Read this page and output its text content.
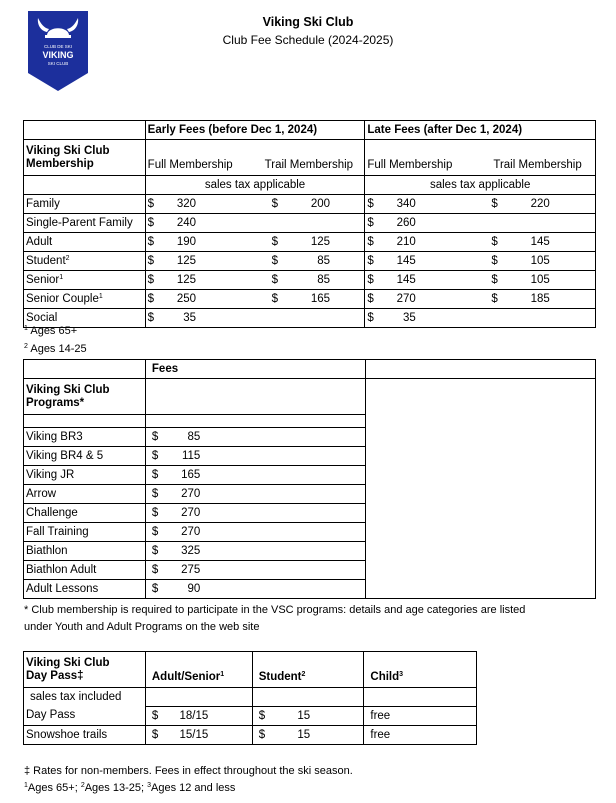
CLUB DE SKI
VIKING
SKI CLUB
Viking Ski Club
Club Fee Schedule (2024-2025)
	Early Fees (before Dec 1, 2024)	Late Fees (after Dec 1, 2024)

Viking Ski Club
Membership	Full Membership Trail Membership	Full Membership Trail Membership
	sales tax applicable	sales tax applicable
Family	$ 320 $ 200	$ 340 $ 220
Single-Parent Family	$ 240	$ 260
Adult	$ 190 $ 125	$ 210 $ 145
Student$^2$	$ 125 $ 85	$ 145 $ 105
Senior$^1$	$ 125 $ 85	$ 145 $ 105
Senior Couple$^1$	$ 250 $ 165	$ 270 $ 185
Social	$ 35	$ 35
$^1$ Ages 65+
$^2$ Ages 14-25
	Fees	

Viking Ski Club
Programs*		

Viking BR3	$ 85	
Viking BR4 & 5	$ 115	
Viking JR	$ 165	
Arrow	$ 270	
Challenge	$ 270	
Fall Training	$ 270	
Biathlon	$ 325	
Biathlon Adult	$ 275	
Adult Lessons	$ 90	
* Club membership is required to participate in the VSC programs: details and age categories are listed
under Youth and Adult Programs on the web site
Viking Ski Club
Day Pass‡	Adult/Senior$^1$	Student$^2$	Child$^3$
sales tax included			
Day Pass	$ 18/15	$ 15	free
Snowshoe trails	$ 15/15	$ 15	free
‡ Rates for non-members. Fees in effect throughout the ski season.
$^1$Ages 65+; $^2$Ages 13-25; $^3$Ages 12 and less
